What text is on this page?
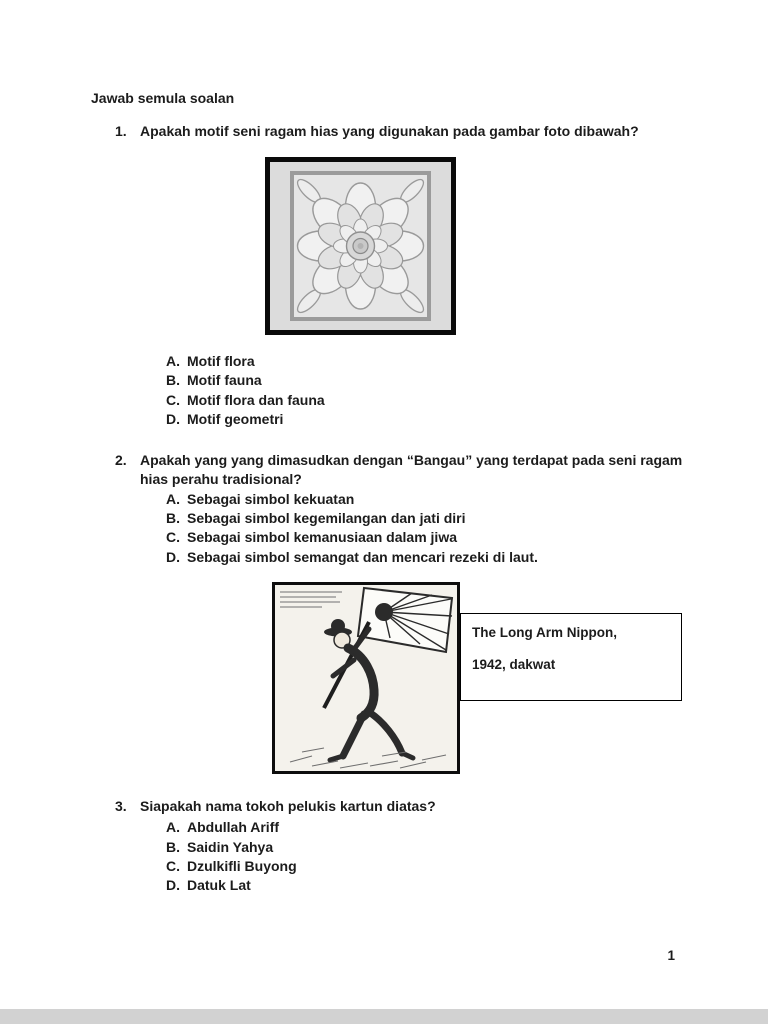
Jawab semula soalan
1. Apakah motif seni ragam hias yang digunakan pada gambar foto dibawah?
A. Motif flora
B. Motif fauna
C. Motif flora dan fauna
D. Motif geometri
2. Apakah yang yang dimasudkan dengan “Bangau” yang terdapat pada seni ragam hias perahu tradisional?
A. Sebagai simbol kekuatan
B. Sebagai simbol kegemilangan dan jati diri
C. Sebagai simbol kemanusiaan dalam jiwa
D. Sebagai simbol semangat dan mencari rezeki di laut.
The Long Arm Nippon,
1942, dakwat
3. Siapakah nama tokoh pelukis kartun diatas?
A. Abdullah Ariff
B. Saidin Yahya
C. Dzulkifli Buyong
D. Datuk Lat
1
